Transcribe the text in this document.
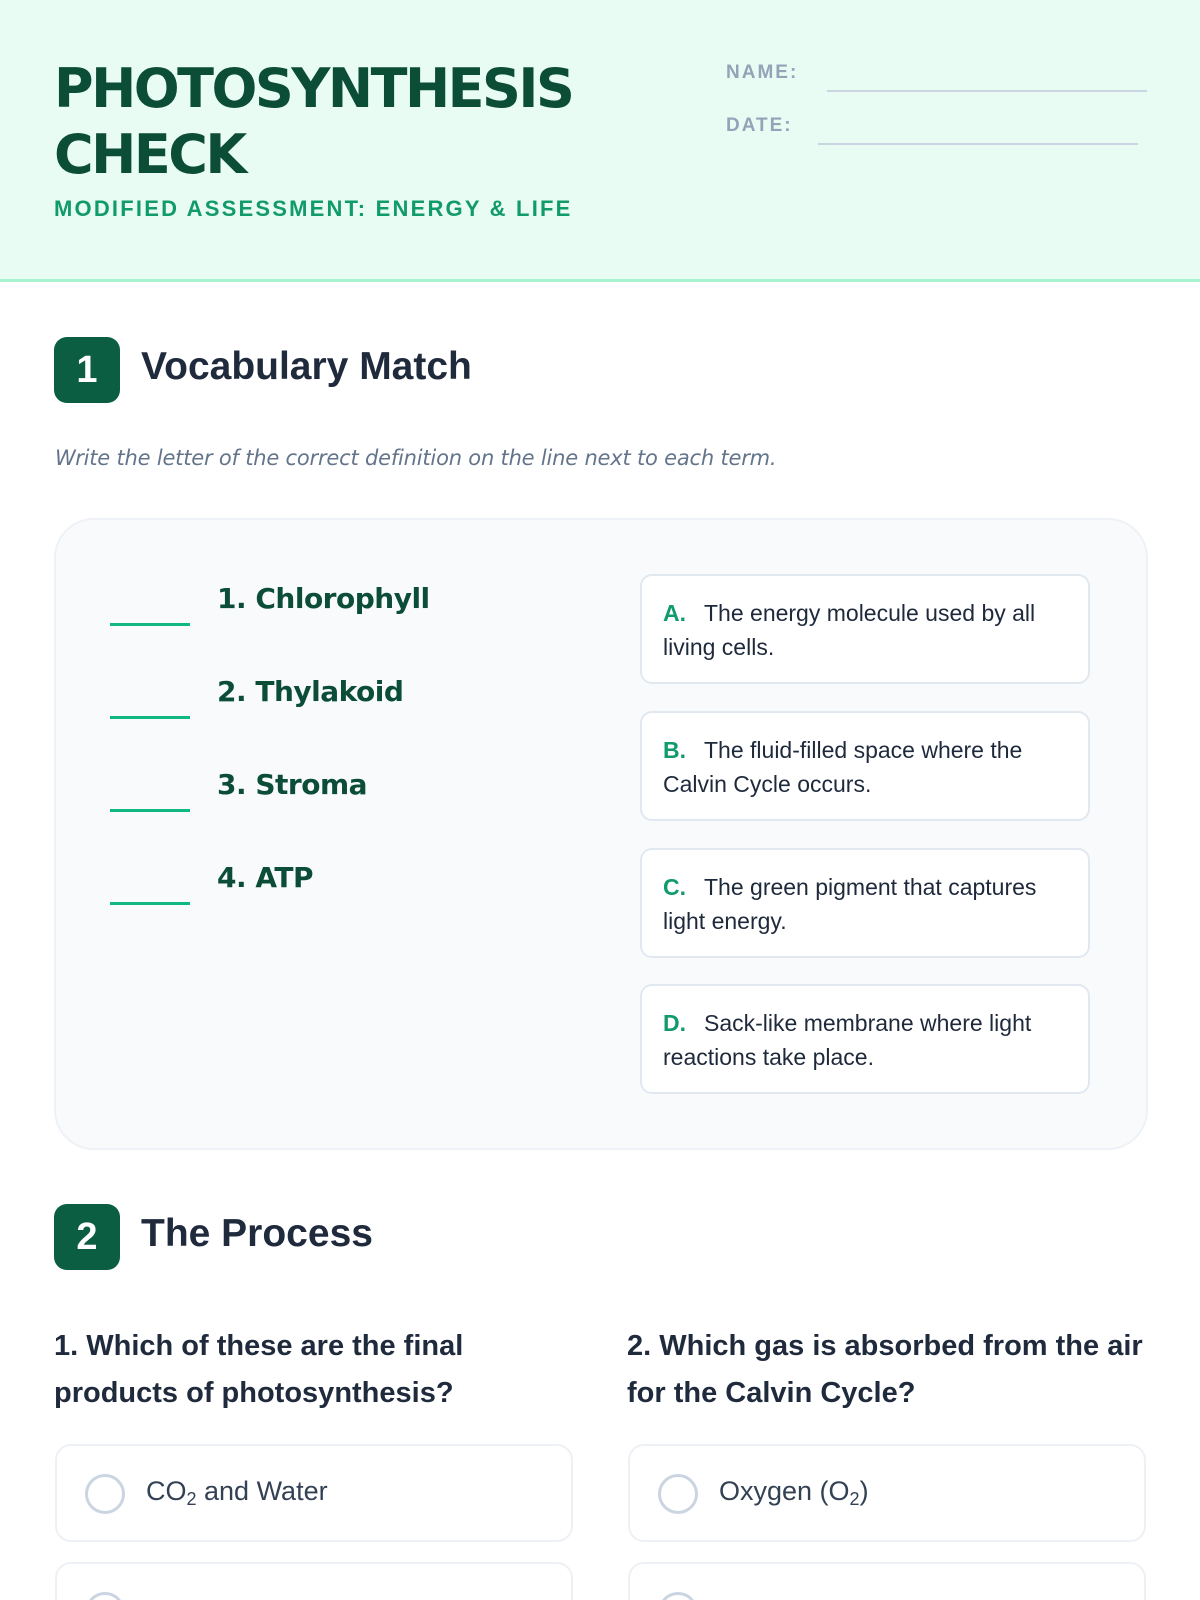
PHOTOSYNTHESIS CHECK
MODIFIED ASSESSMENT: ENERGY & LIFE
NAME:
DATE:
1	Vocabulary Match
Write the letter of the correct definition on the line next to each term.
1. Chlorophyll
2. Thylakoid
3. Stroma
4. ATP
A. The energy molecule used by all living cells.
B. The fluid-filled space where the Calvin Cycle occurs.
C. The green pigment that captures light energy.
D. Sack-like membrane where light reactions take place.
2	The Process
1. Which of these are the final products of photosynthesis?
2. Which gas is absorbed from the air for the Calvin Cycle?
$CO_2$ and Water	Oxygen $(O_2)$
